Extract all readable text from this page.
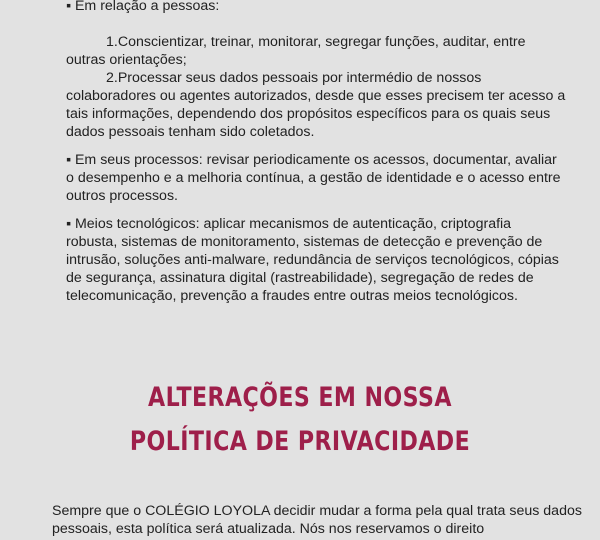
▪ Em relação a pessoas:

1.Conscientizar, treinar, monitorar, segregar funções, auditar, entre outras orientações;

2.Processar seus dados pessoais por intermédio de nossos colaboradores ou agentes autorizados, desde que esses precisem ter acesso a tais informações, dependendo dos propósitos específicos para os quais seus dados pessoais tenham sido coletados.

▪ Em seus processos: revisar periodicamente os acessos, documentar, avaliar o desempenho e a melhoria contínua, a gestão de identidade e o acesso entre outros processos.

▪ Meios tecnológicos: aplicar mecanismos de autenticação, criptografia robusta, sistemas de monitoramento, sistemas de detecção e prevenção de intrusão, soluções anti-malware, redundância de serviços tecnológicos, cópias de segurança, assinatura digital (rastreabilidade), segregação de redes de telecomunicação, prevenção a fraudes entre outras meios tecnológicos.

ALTERAÇÕES EM NOSSA
POLÍTICA DE PRIVACIDADE

Sempre que o COLÉGIO LOYOLA decidir mudar a forma pela qual trata seus dados pessoais, esta política será atualizada. Nós nos reservamos o direito
